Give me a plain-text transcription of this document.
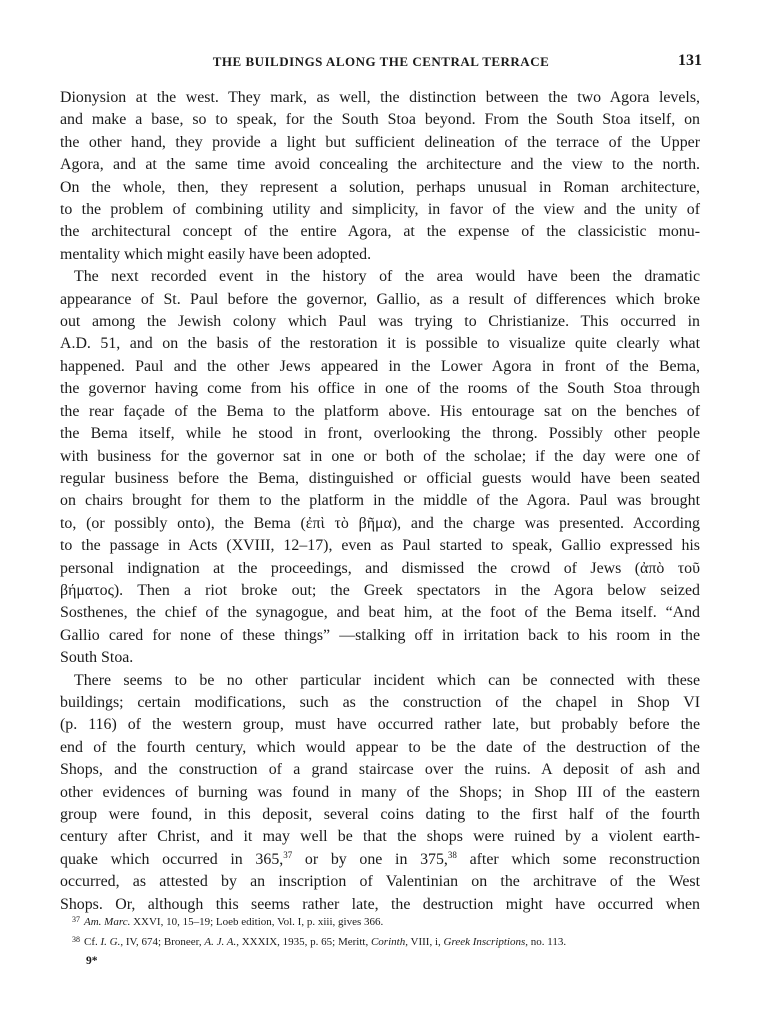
THE BUILDINGS ALONG THE CENTRAL TERRACE	131

Dionysion at the west. They mark, as well, the distinction between the two Agora levels,
and make a base, so to speak, for the South Stoa beyond. From the South Stoa itself, on
the other hand, they provide a light but sufficient delineation of the terrace of the Upper
Agora, and at the same time avoid concealing the architecture and the view to the north.
On the whole, then, they represent a solution, perhaps unusual in Roman architecture,
to the problem of combining utility and simplicity, in favor of the view and the unity of
the architectural concept of the entire Agora, at the expense of the classicistic monu-
mentality which might easily have been adopted.

The next recorded event in the history of the area would have been the dramatic
appearance of St. Paul before the governor, Gallio, as a result of differences which broke
out among the Jewish colony which Paul was trying to Christianize. This occurred in
A.D. 51, and on the basis of the restoration it is possible to visualize quite clearly what
happened. Paul and the other Jews appeared in the Lower Agora in front of the Bema,
the governor having come from his office in one of the rooms of the South Stoa through
the rear façade of the Bema to the platform above. His entourage sat on the benches of
the Bema itself, while he stood in front, overlooking the throng. Possibly other people
with business for the governor sat in one or both of the scholae; if the day were one of
regular business before the Bema, distinguished or official guests would have been seated
on chairs brought for them to the platform in the middle of the Agora. Paul was brought
to, (or possibly onto), the Bema (ἐπὶ τὸ βῆμα), and the charge was presented. According
to the passage in Acts (XVIII, 12–17), even as Paul started to speak, Gallio expressed his
personal indignation at the proceedings, and dismissed the crowd of Jews (ἀπὸ τοῦ
βήματος). Then a riot broke out; the Greek spectators in the Agora below seized
Sosthenes, the chief of the synagogue, and beat him, at the foot of the Bema itself. “And
Gallio cared for none of these things” —stalking off in irritation back to his room in the
South Stoa.

There seems to be no other particular incident which can be connected with these
buildings; certain modifications, such as the construction of the chapel in Shop VI
(p. 116) of the western group, must have occurred rather late, but probably before the
end of the fourth century, which would appear to be the date of the destruction of the
Shops, and the construction of a grand staircase over the ruins. A deposit of ash and
other evidences of burning was found in many of the Shops; in Shop III of the eastern
group were found, in this deposit, several coins dating to the first half of the fourth
century after Christ, and it may well be that the shops were ruined by a violent earth-
quake which occurred in 365,37 or by one in 375,38 after which some reconstruction
occurred, as attested by an inscription of Valentinian on the architrave of the West
Shops. Or, although this seems rather late, the destruction might have occurred when

$^{37}$ Am. Marc. XXVI, 10, 15–19; Loeb edition, Vol. I, p. xiii, gives 366.
$^{38}$ Cf. I. G., IV, 674; Broneer, A. J. A., XXXIX, 1935, p. 65; Meritt, Corinth, VIII, i, Greek Inscriptions, no. 113.
9*
